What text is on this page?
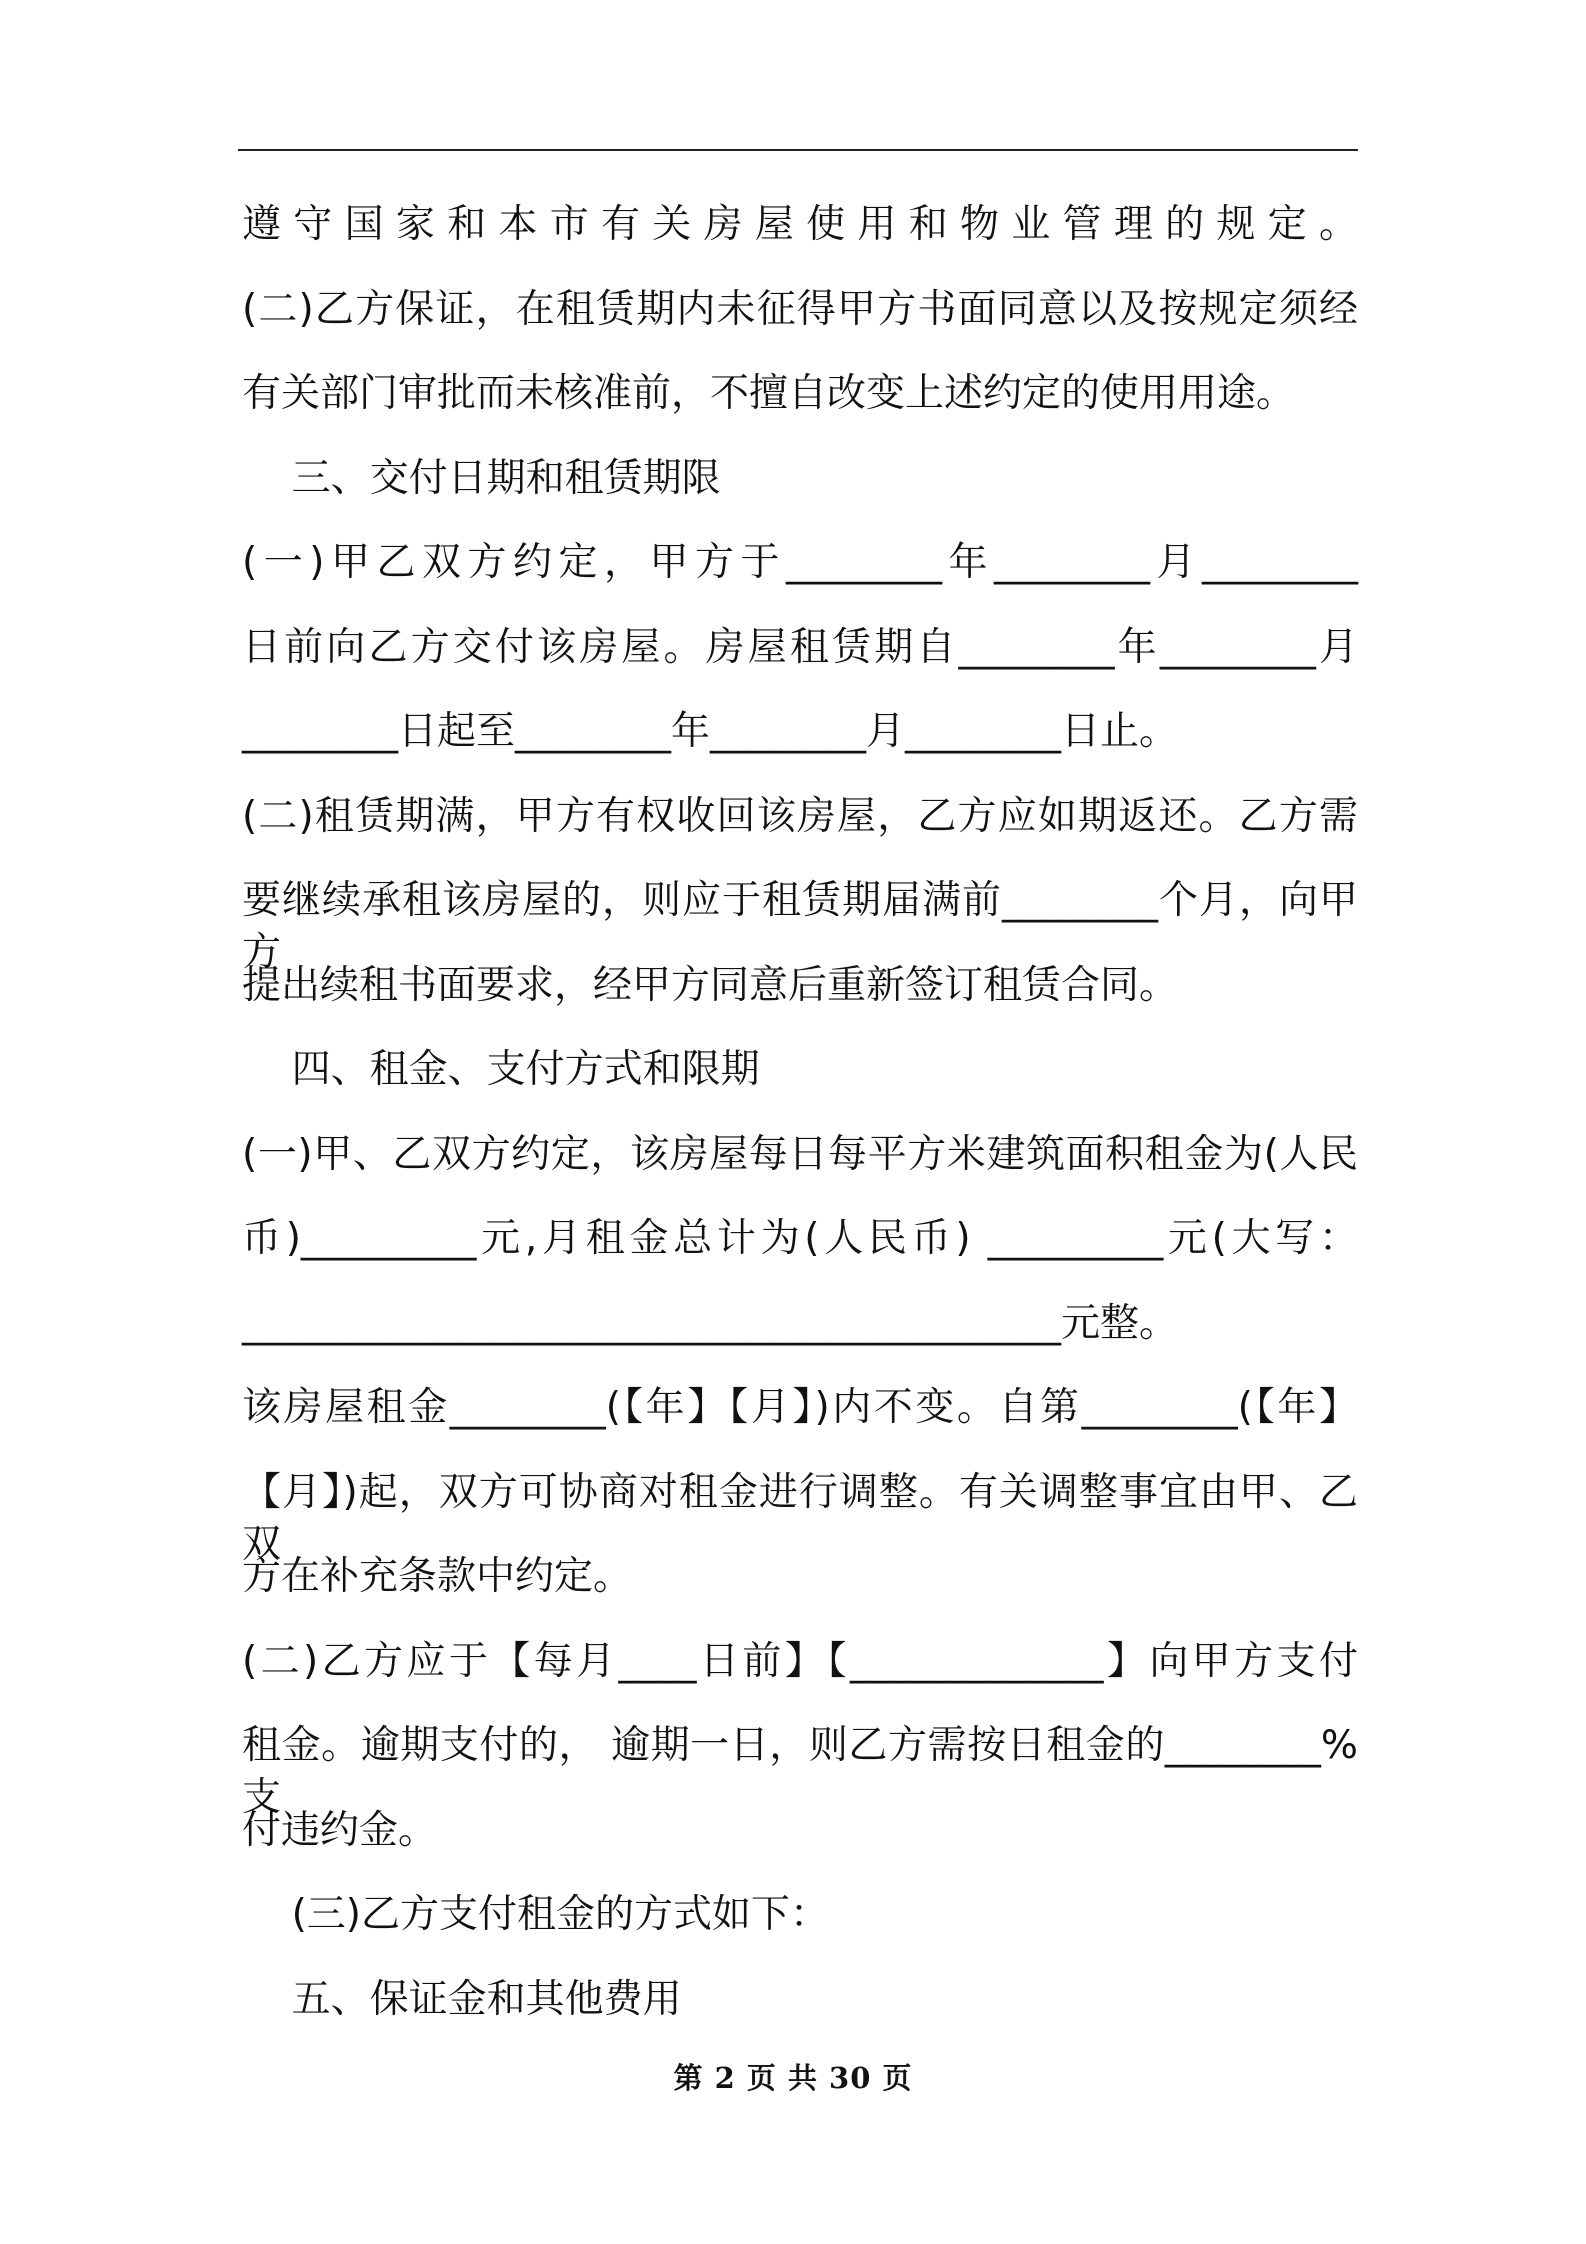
遵守国家和本市有关房屋使用和物业管理的规定。
(二)乙方保证，在租赁期内未征得甲方书面同意以及按规定须经
有关部门审批而未核准前，不擅自改变上述约定的使用用途。
三、交付日期和租赁期限
(一)甲乙双方约定，甲方于________年________月________
日前向乙方交付该房屋。房屋租赁期自________年________月
________日起至________年________月________日止。
(二)租赁期满，甲方有权收回该房屋，乙方应如期返还。乙方需
要继续承租该房屋的，则应于租赁期届满前________个月，向甲方
提出续租书面要求，经甲方同意后重新签订租赁合同。
四、租金、支付方式和限期
(一)甲、乙双方约定，该房屋每日每平方米建筑面积租金为(人民
币)_________元,月租金总计为(人民币) _________元(大写：
__________________________________________元整。
该房屋租金________(【年】【月】)内不变。自第________(【年】
【月】)起，双方可协商对租金进行调整。有关调整事宜由甲、乙双
方在补充条款中约定。
(二)乙方应于【每月____日前】【_____________】向甲方支付
租金。逾期支付的， 逾期一日，则乙方需按日租金的________%支
付违约金。
(三)乙方支付租金的方式如下：
五、保证金和其他费用
第 2 页 共 30 页
